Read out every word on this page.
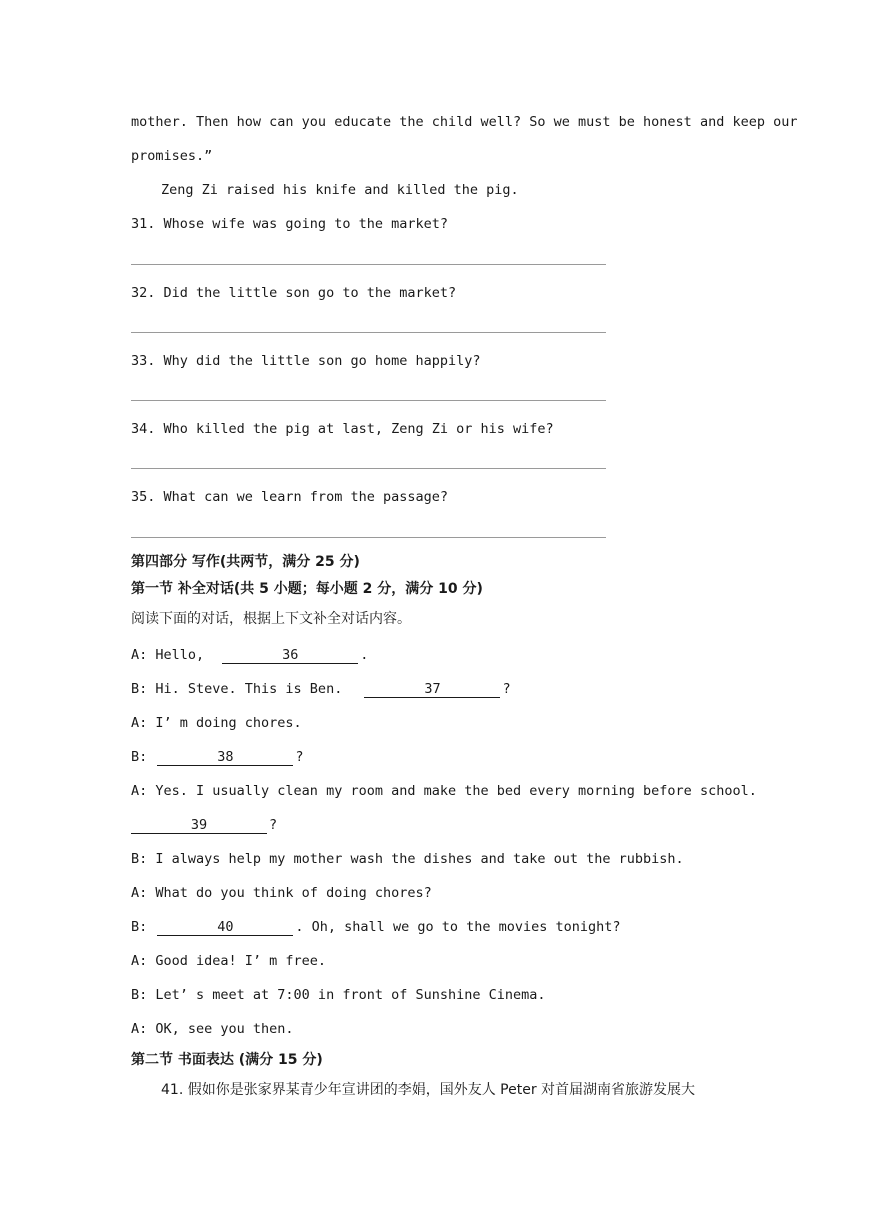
mother. Then how can you educate the child well? So we must be honest and keep our
promises.”
Zeng Zi raised his knife and killed the pig.
31. Whose wife was going to the market?
32. Did the little son go to the market?
33. Why did the little son go home happily?
34. Who killed the pig at last, Zeng Zi or his wife?
35. What can we learn from the passage?
第四部分 写作(共两节，满分 25 分)
第一节 补全对话(共 5 小题；每小题 2 分，满分 10 分)
阅读下面的对话，根据上下文补全对话内容。
A: Hello,	36	.
B: Hi. Steve. This is Ben.	37	?
A: I’ m doing chores.
B:	38	?
A: Yes. I usually clean my room and make the bed every morning before school.
39	?
B: I always help my mother wash the dishes and take out the rubbish.
A: What do you think of doing chores?
B:	40	. Oh, shall we go to the movies tonight?
A: Good idea! I’ m free.
B: Let’ s meet at 7:00 in front of Sunshine Cinema.
A: OK, see you then.
第二节 书面表达 (满分 15 分)
41. 假如你是张家界某青少年宣讲团的李娟，国外友人 Peter 对首届湖南省旅游发展大
